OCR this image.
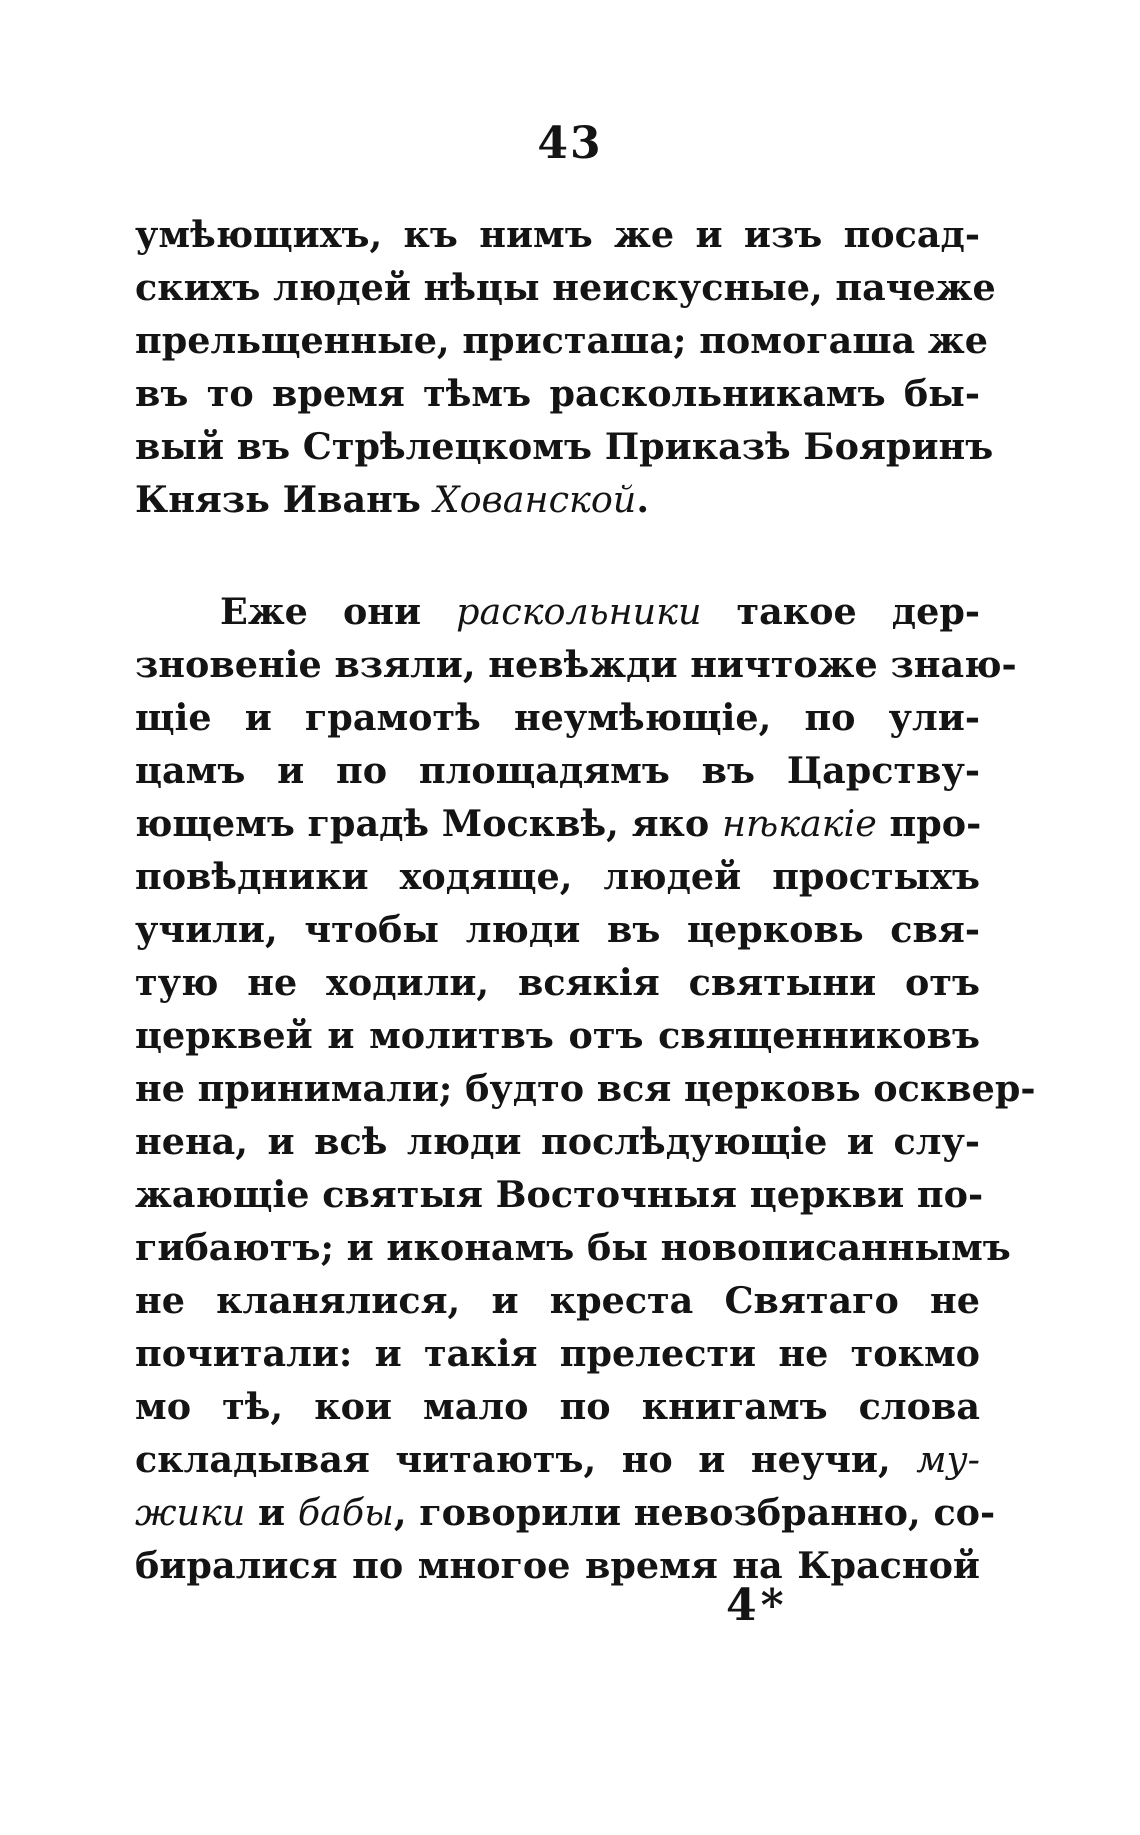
43
умѣющихъ, къ нимъ же и изъ посад-
скихъ людей нѣцы неискусные, пачеже
прельщенные, присташа; помогаша же
въ то время тѣмъ раскольникамъ бы-
вый въ Стрѣлецкомъ Приказѣ Бояринъ
Князь Иванъ Хованской.
Еже они раскольники такое дер-
зновеніе взяли, невѣжди ничтоже знаю-
щіе и грамотѣ неумѣющіе, по ули-
цамъ и по площадямъ въ Царству-
ющемъ градѣ Москвѣ, яко нѣкакіе про-
повѣдники ходяще, людей простыхъ
учили, чтобы люди въ церковь свя-
тую не ходили, всякія святыни отъ
церквей и молитвъ отъ священниковъ
не принимали; будто вся церковь осквер-
нена, и всѣ люди послѣдующіе и слу-
жающіе святыя Восточныя церкви по-
гибаютъ; и иконамъ бы новописаннымъ
не кланялися, и креста Святаго не
почитали: и такія прелести не токмо
мо тѣ, кои мало по книгамъ слова
складывая читаютъ, но и неучи, му-
жики и бабы, говорили невозбранно, со-
биралися по многое время на Красной
4*
